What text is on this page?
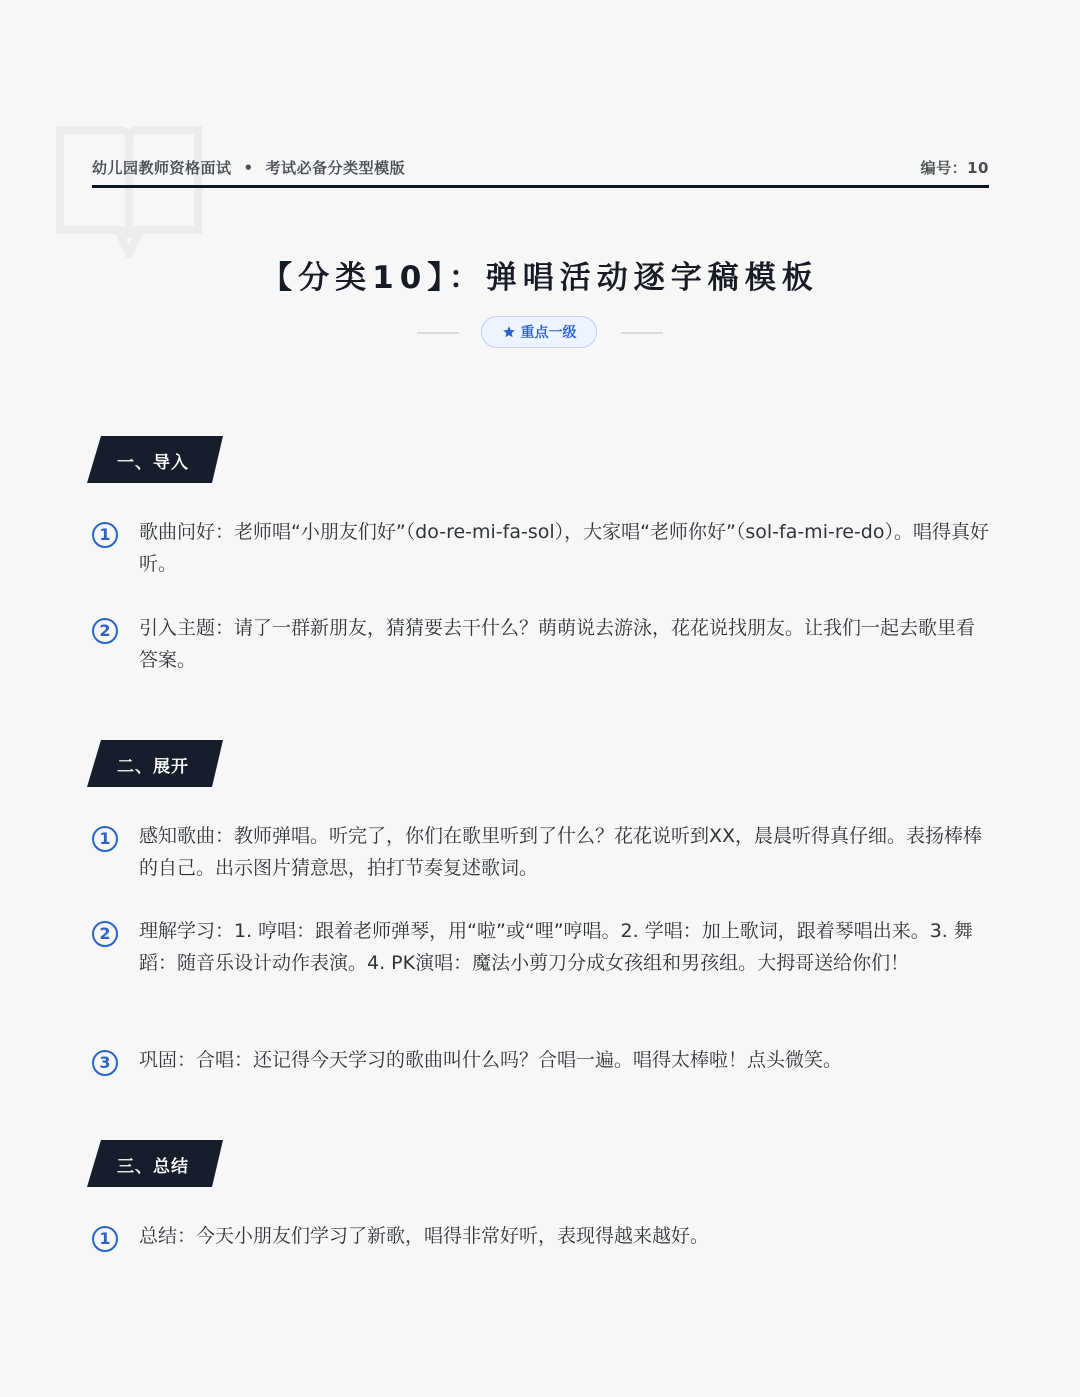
幼儿园教师资格面试 • 考试必备分类型模版	编号：10
【分类10】：弹唱活动逐字稿模板
重点一级
一、导入
1	歌曲问好：老师唱“小朋友们好”（do-re-mi-fa-sol），大家唱“老师你好”（sol-fa-mi-re-do）。唱得真好听。
2	引入主题：请了一群新朋友，猜猜要去干什么？萌萌说去游泳，花花说找朋友。让我们一起去歌里看答案。
二、展开
1	感知歌曲：教师弹唱。听完了，你们在歌里听到了什么？花花说听到XX，晨晨听得真仔细。表扬棒棒的自己。出示图片猜意思，拍打节奏复述歌词。
2	理解学习：1. 哼唱：跟着老师弹琴，用“啦”或“哩”哼唱。2. 学唱：加上歌词，跟着琴唱出来。3. 舞蹈：随音乐设计动作表演。4. PK演唱：魔法小剪刀分成女孩组和男孩组。大拇哥送给你们！
3	巩固：合唱：还记得今天学习的歌曲叫什么吗？合唱一遍。唱得太棒啦！点头微笑。
三、总结
1	总结：今天小朋友们学习了新歌，唱得非常好听，表现得越来越好。
